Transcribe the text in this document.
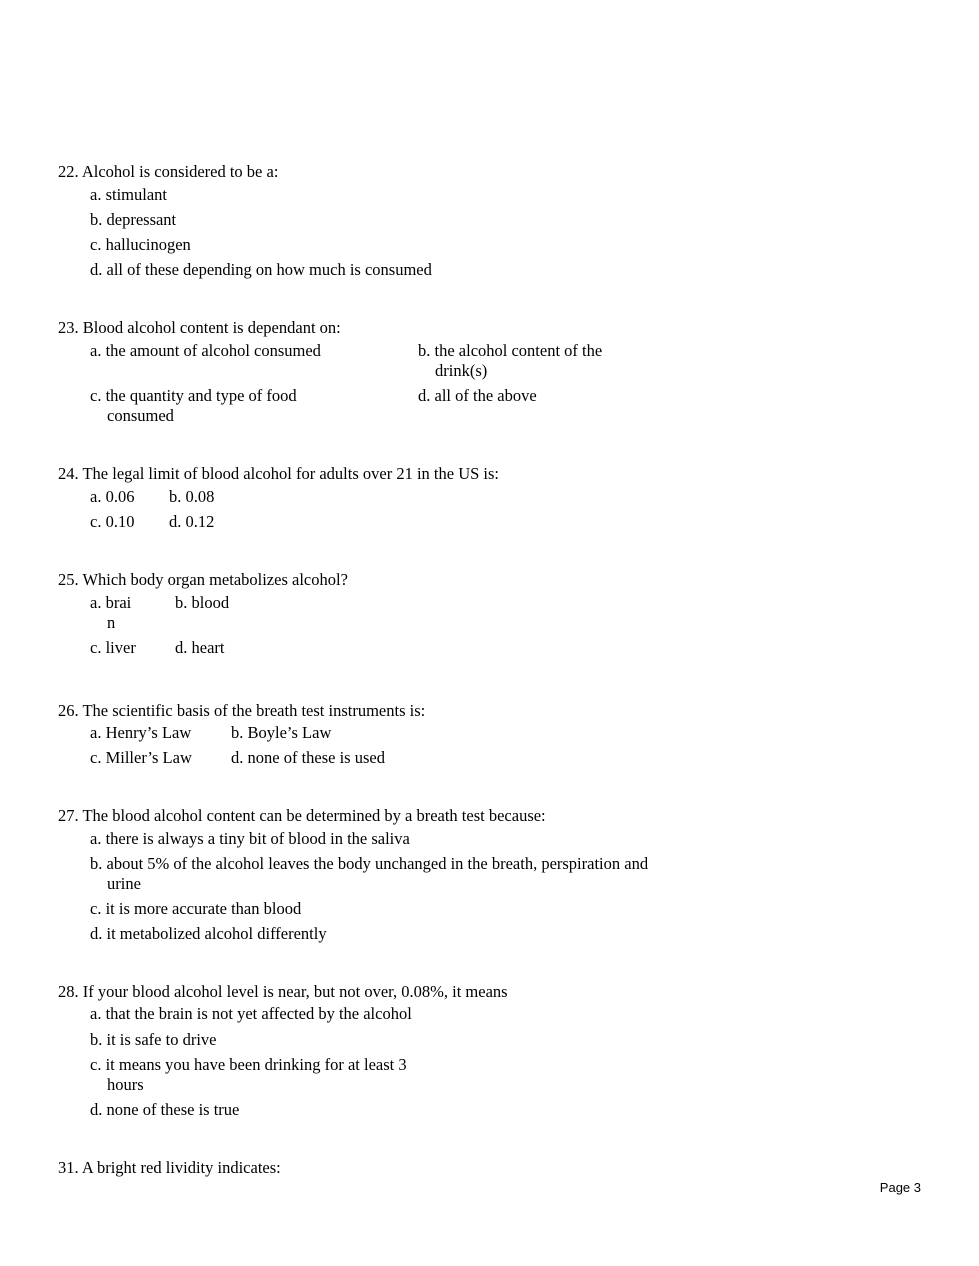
22. Alcohol is considered to be a:
a. stimulant
b. depressant
c. hallucinogen
d. all of these depending on how much is consumed
23. Blood alcohol content is dependant on:
a. the amount of alcohol consumed	b. the alcohol content of the
drink(s)
c. the quantity and type of food
consumed
d. all of the above
24. The legal limit of blood alcohol for adults over 21 in the US is:
a. 0.06 b. 0.08
c. 0.10 d. 0.12
25. Which body organ metabolizes alcohol?
a. brai
n
b. blood
c. liver d. heart
26. The scientific basis of the breath test instruments is:
a. Henry’s Law b. Boyle’s Law
c. Miller’s Law d. none of these is used
27. The blood alcohol content can be determined by a breath test because:
a. there is always a tiny bit of blood in the saliva
b. about 5% of the alcohol leaves the body unchanged in the breath, perspiration and
urine
c. it is more accurate than blood
d. it metabolized alcohol differently
28. If your blood alcohol level is near, but not over, 0.08%, it means
a. that the brain is not yet affected by the alcohol
b. it is safe to drive
c. it means you have been drinking for at least 3
hours
d. none of these is true
31. A bright red lividity indicates:
Page 3
